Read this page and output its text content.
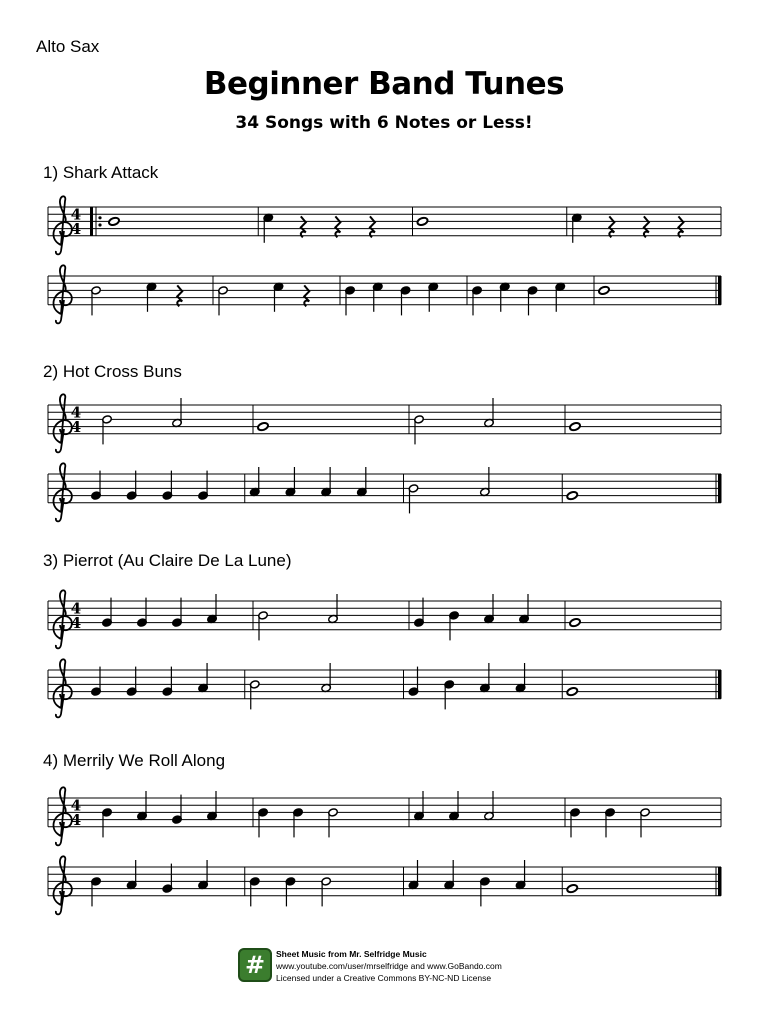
Alto Sax
Beginner Band Tunes
34 Songs with 6 Notes or Less!
1) Shark Attack
2) Hot Cross Buns
3) Pierrot (Au Claire De La Lune)
4) Merrily We Roll Along
4
4
4
4
4
4
4
4
#	Sheet Music from Mr. Selfridge Music
www.youtube.com/user/mrselfridge and www.GoBando.com
Licensed under a Creative Commons BY-NC-ND License
